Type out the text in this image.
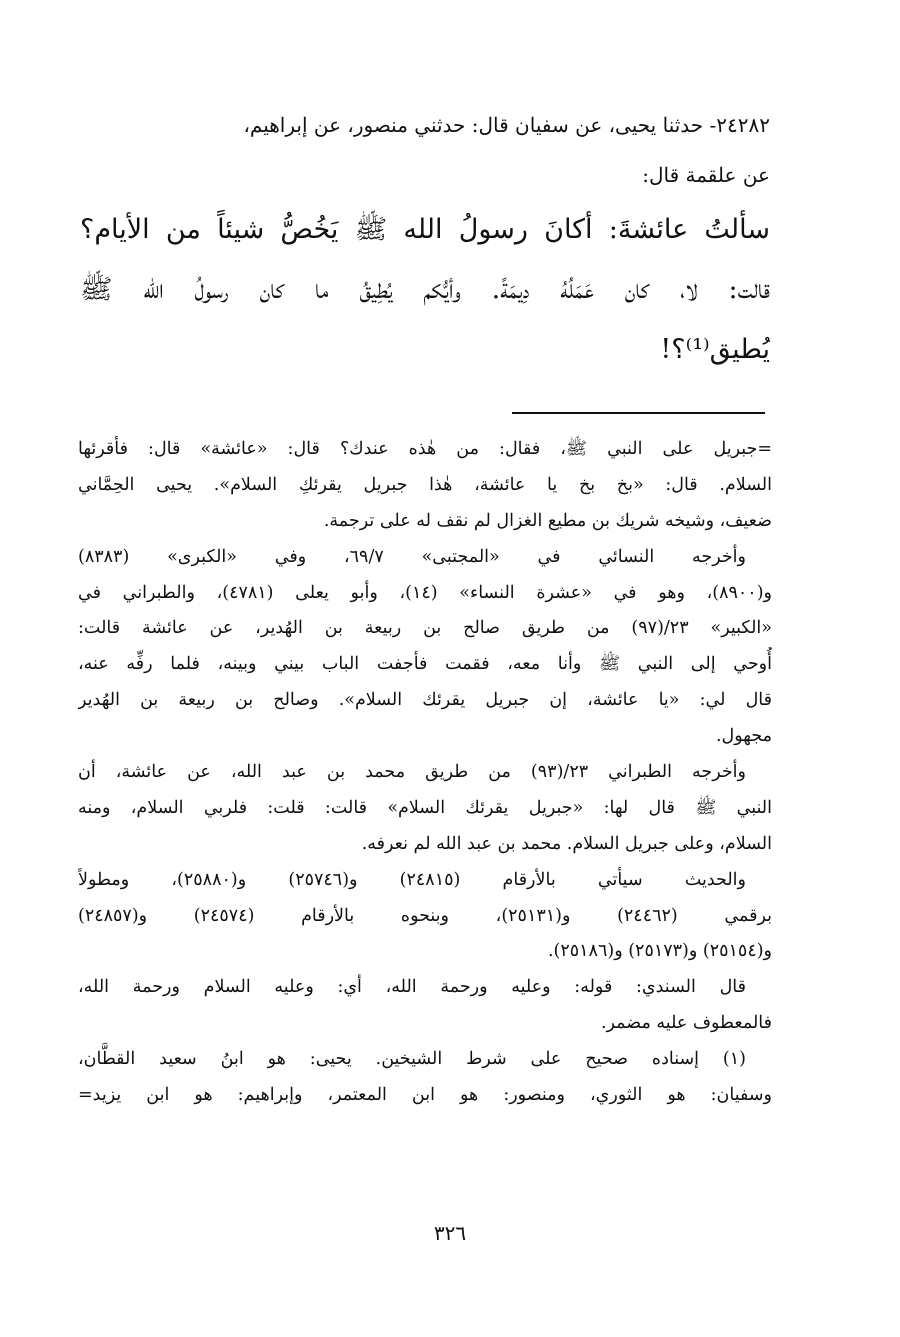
٢٤٢٨٢- حدثنا يحيى، عن سفيان قال: حدثني منصور، عن إبراهيم،
عن علقمة قال:
سألتُ عائشةَ: أكانَ رسولُ الله ﷺ يَخُصُّ شيئاً من الأيام؟
قالت: لا، كان عَمَلُهُ دِيمَةً. وأيُّكم يُطِيقُ ما كان رسولُ الله ﷺ
يُطيق⁽¹⁾؟!
=جبريل على النبي ﷺ، فقال: من هٰذه عندك؟ قال: «عائشة» قال: فأقرئها
السلام. قال: «بخ بخ يا عائشة، هٰذا جبريل يقرئكِ السلام». يحيى الحِمَّاني
ضعيف، وشيخه شريك بن مطيع الغزال لم نقف له على ترجمة.
وأخرجه النسائي في «المجتبى» ٦٩/٧، وفي «الكبرى» (٨٣٨٣)
و(٨٩٠٠)، وهو في «عشرة النساء» (١٤)، وأبو يعلى (٤٧٨١)، والطبراني في
«الكبير» ٢٣/(٩٧) من طريق صالح بن ربيعة بن الهُدير، عن عائشة قالت:
أُوحي إلى النبي ﷺ وأنا معه، فقمت فأجفت الباب بيني وبينه، فلما رفِّه عنه،
قال لي: «يا عائشة، إن جبريل يقرئك السلام». وصالح بن ربيعة بن الهُدير
مجهول.
وأخرجه الطبراني ٢٣/(٩٣) من طريق محمد بن عبد الله، عن عائشة، أن
النبي ﷺ قال لها: «جبريل يقرئك السلام» قالت: قلت: فلربي السلام، ومنه
السلام، وعلى جبريل السلام. محمد بن عبد الله لم نعرفه.
والحديث سيأتي بالأرقام (٢٤٨١٥) و(٢٥٧٤٦) و(٢٥٨٨٠)، ومطولاً
برقمي (٢٤٤٦٢) و(٢٥١٣١)، وبنحوه بالأرقام (٢٤٥٧٤) و(٢٤٨٥٧)
و(٢٥١٥٤) و(٢٥١٧٣) و(٢٥١٨٦).
قال السندي: قوله: وعليه ورحمة الله، أي: وعليه السلام ورحمة الله،
فالمعطوف عليه مضمر.
(١) إسناده صحيح على شرط الشيخين. يحيى: هو ابنُ سعيد القطَّان،
وسفيان: هو الثوري، ومنصور: هو ابن المعتمر، وإبراهيم: هو ابن يزيد=
٣٢٦
